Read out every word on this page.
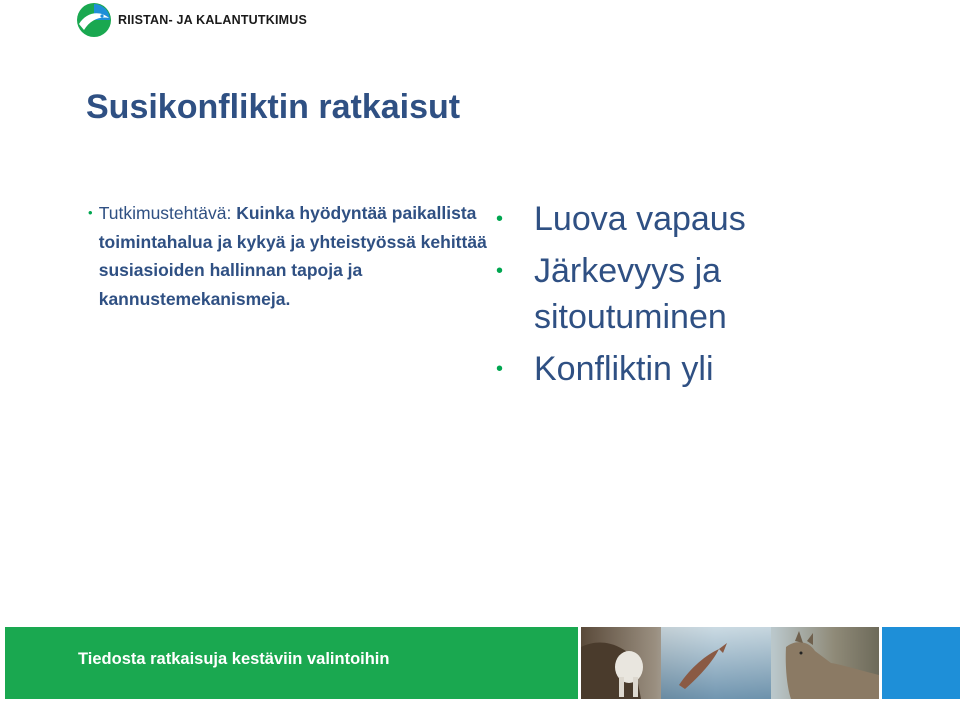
RIISTAN- JA KALANTUTKIMUS
Susikonfliktin ratkaisut
• Tutkimustehtävä: Kuinka hyödyntää paikallista toimintahalua ja kykyä ja yhteistyössä kehittää susiasioiden hallinnan tapoja ja kannustemekanismeja.
• Luova vapaus
• Järkevyys ja sitoutuminen
• Konfliktin yli
Tiedosta ratkaisuja kestäviin valintoihin
